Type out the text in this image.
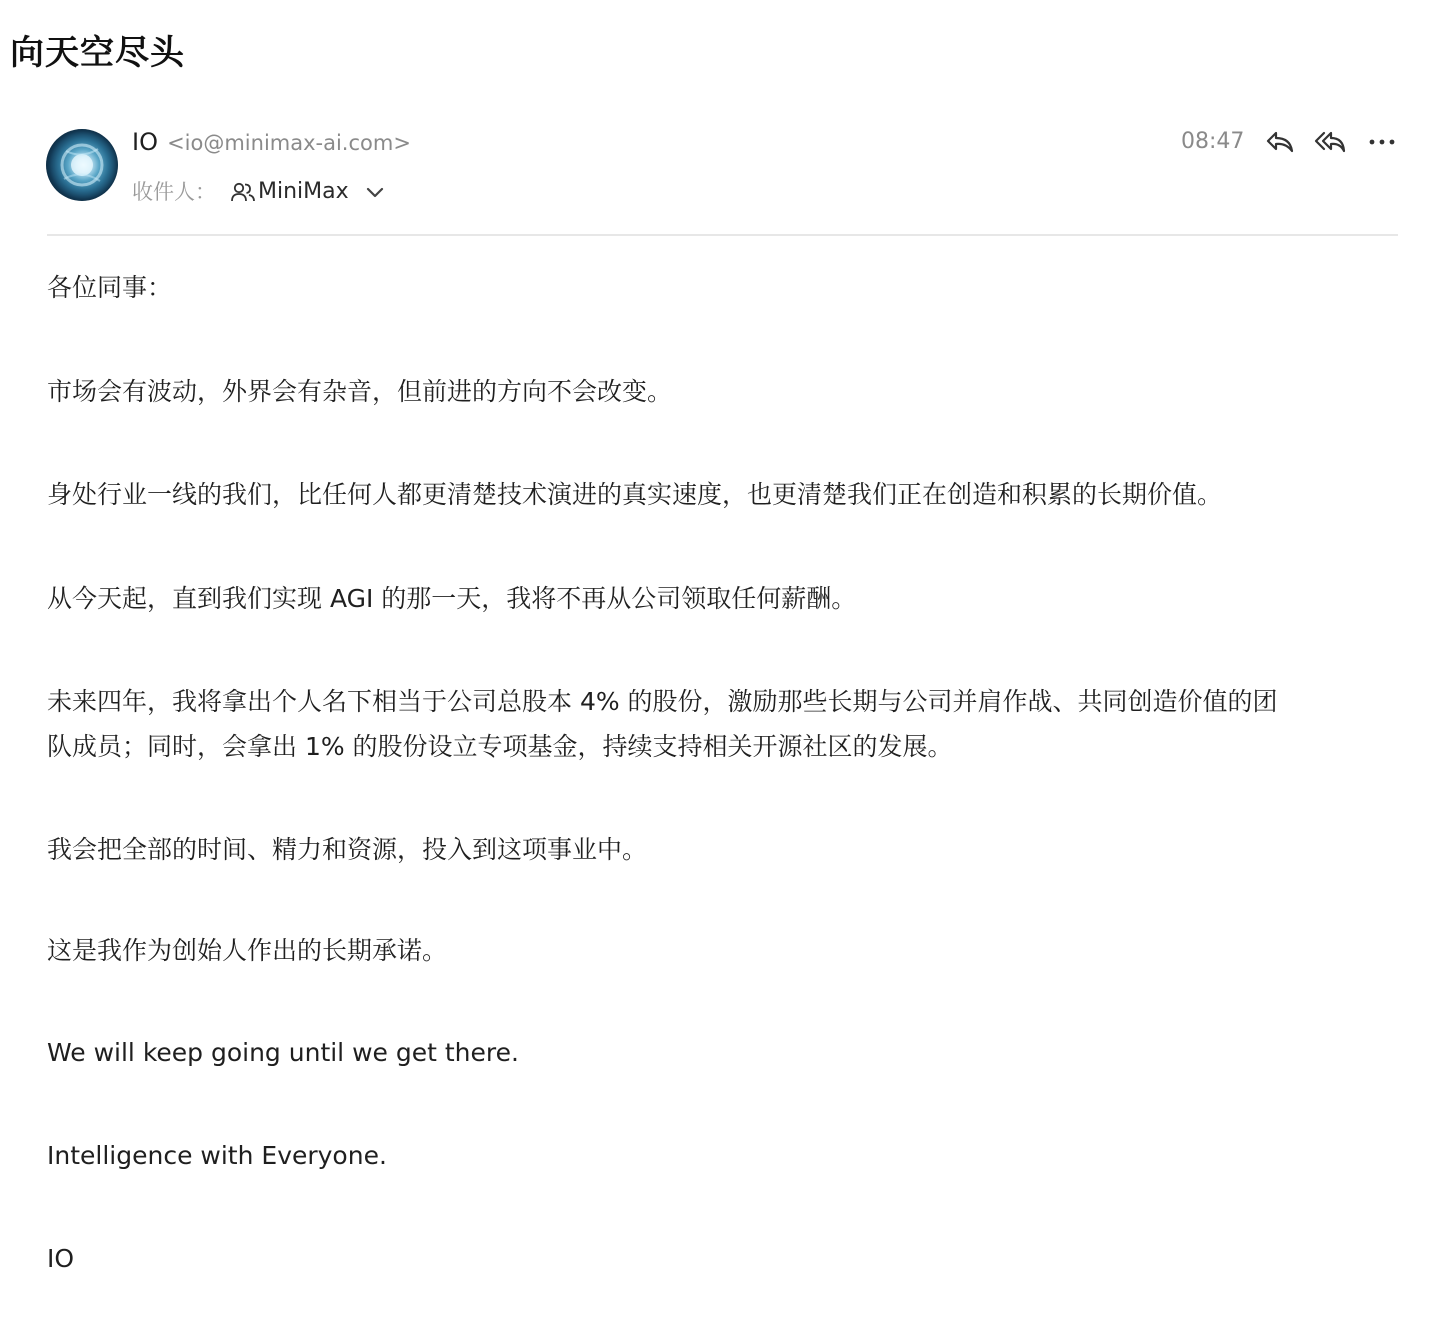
向天空尽头
IO <io@minimax-ai.com>
收件人： MiniMax
08:47
各位同事：
市场会有波动，外界会有杂音，但前进的方向不会改变。
身处行业一线的我们，比任何人都更清楚技术演进的真实速度，也更清楚我们正在创造和积累的长期价值。
从今天起，直到我们实现 AGI 的那一天，我将不再从公司领取任何薪酬。
未来四年，我将拿出个人名下相当于公司总股本 4% 的股份，激励那些长期与公司并肩作战、共同创造价值的团
队成员；同时，会拿出 1% 的股份设立专项基金，持续支持相关开源社区的发展。
我会把全部的时间、精力和资源，投入到这项事业中。
这是我作为创始人作出的长期承诺。
We will keep going until we get there.
Intelligence with Everyone.
IO
